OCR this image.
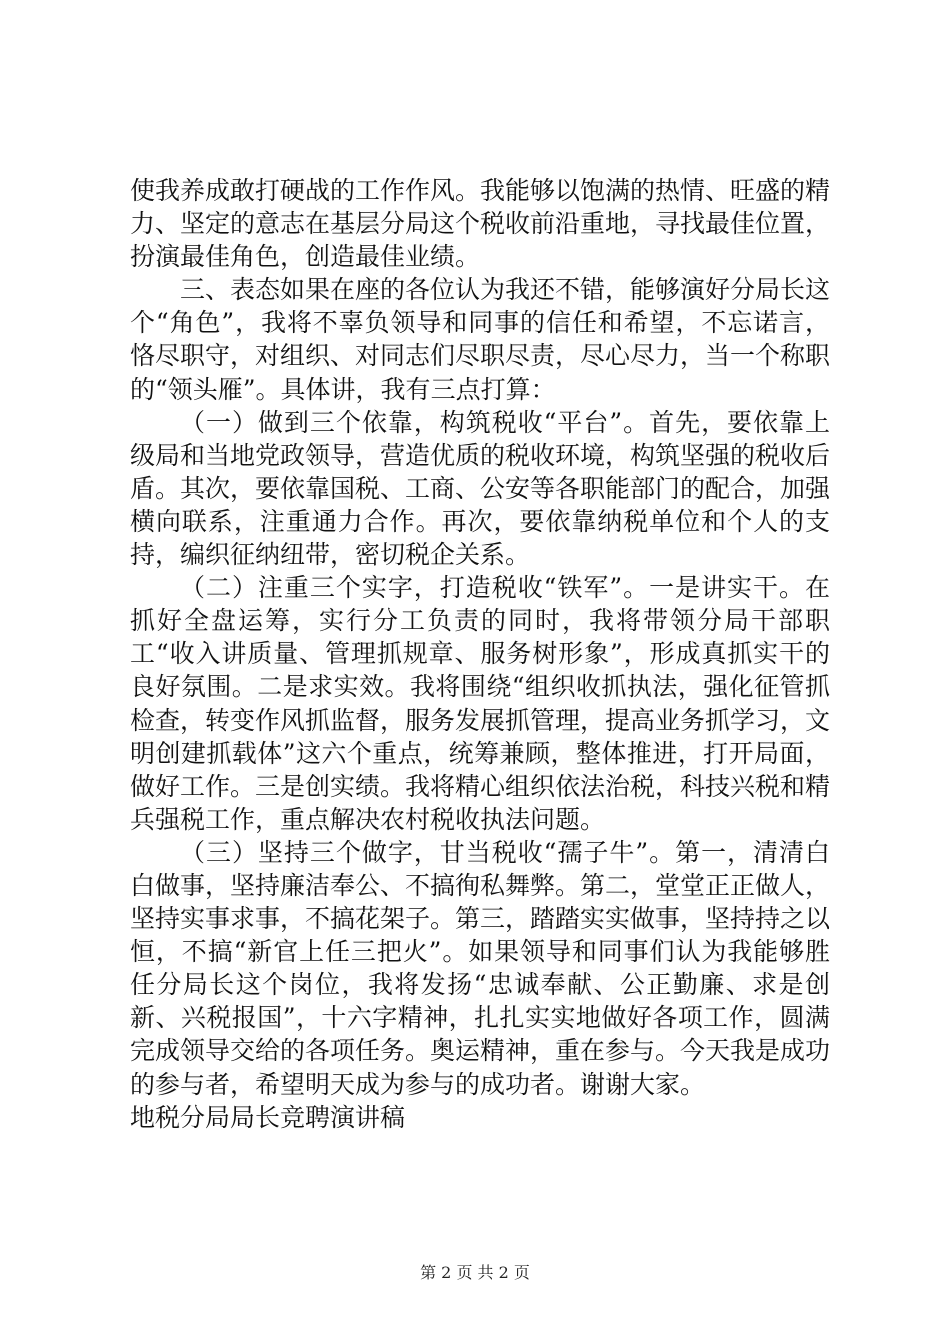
使我养成敢打硬战的工作作风。我能够以饱满的热情、旺盛的精力、坚定的意志在基层分局这个税收前沿重地，寻找最佳位置，扮演最佳角色，创造最佳业绩。

三、表态如果在座的各位认为我还不错，能够演好分局长这个“角色”，我将不辜负领导和同事的信任和希望，不忘诺言，恪尽职守，对组织、对同志们尽职尽责，尽心尽力，当一个称职的“领头雁”。具体讲，我有三点打算：

（一）做到三个依靠，构筑税收“平台”。首先，要依靠上级局和当地党政领导，营造优质的税收环境，构筑坚强的税收后盾。其次，要依靠国税、工商、公安等各职能部门的配合，加强横向联系，注重通力合作。再次，要依靠纳税单位和个人的支持，编织征纳纽带，密切税企关系。

（二）注重三个实字，打造税收“铁军”。一是讲实干。在抓好全盘运筹，实行分工负责的同时，我将带领分局干部职工“收入讲质量、管理抓规章、服务树形象”，形成真抓实干的良好氛围。二是求实效。我将围绕“组织收抓执法，强化征管抓检查，转变作风抓监督，服务发展抓管理，提高业务抓学习，文明创建抓载体”这六个重点，统筹兼顾，整体推进，打开局面，做好工作。三是创实绩。我将精心组织依法治税，科技兴税和精兵强税工作，重点解决农村税收执法问题。

（三）坚持三个做字，甘当税收“孺子牛”。第一，清清白白做事，坚持廉洁奉公、不搞徇私舞弊。第二，堂堂正正做人，坚持实事求事，不搞花架子。第三，踏踏实实做事，坚持持之以恒，不搞“新官上任三把火”。如果领导和同事们认为我能够胜任分局长这个岗位，我将发扬“忠诚奉献、公正勤廉、求是创新、兴税报国”，十六字精神，扎扎实实地做好各项工作，圆满完成领导交给的各项任务。奥运精神，重在参与。今天我是成功的参与者，希望明天成为参与的成功者。谢谢大家。

地税分局局长竞聘演讲稿

第 2 页 共 2 页
